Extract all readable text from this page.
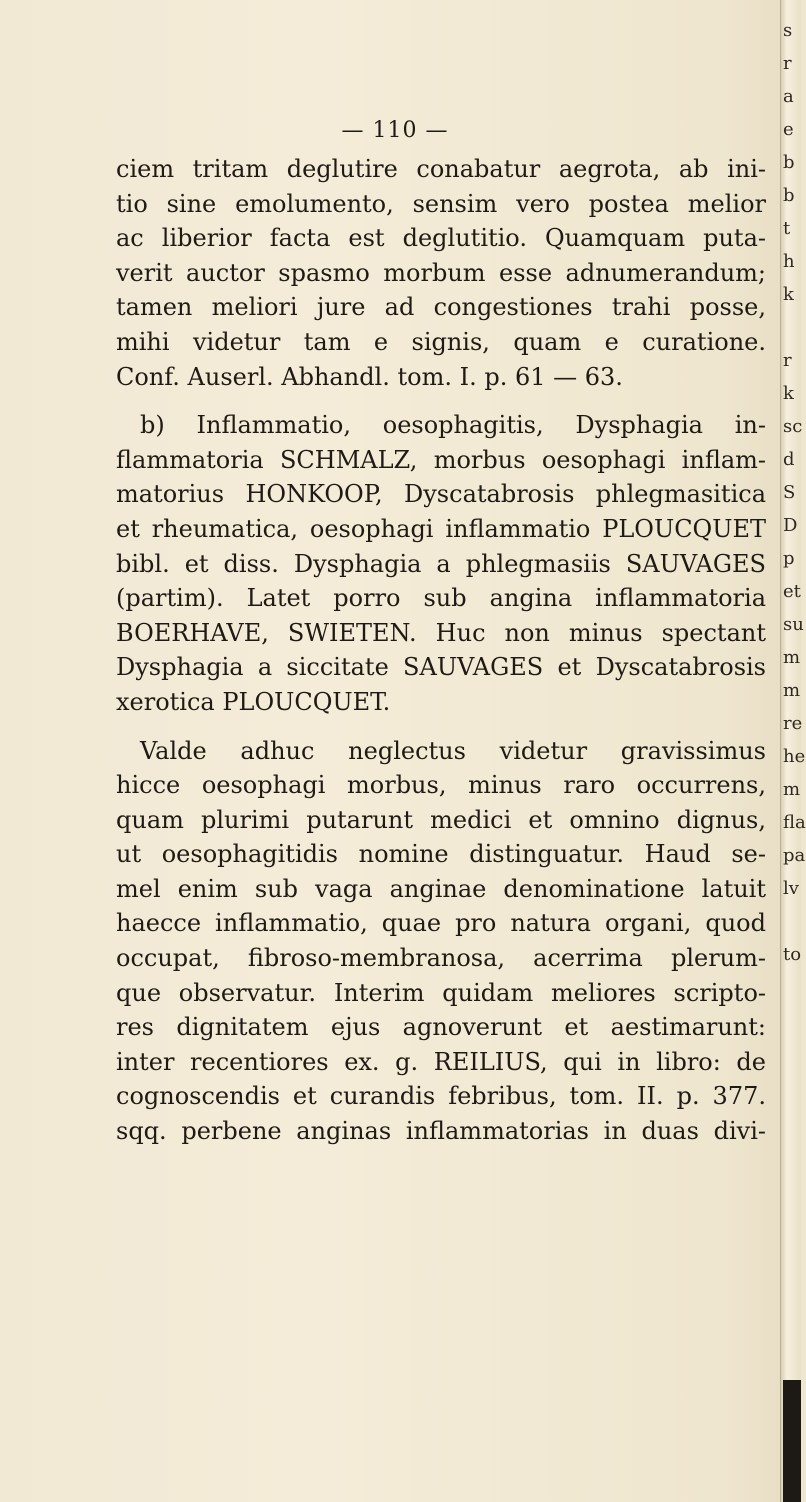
— 110 —
ciem tritam deglutire conabatur aegrota, ab ini-
tio sine emolumento, sensim vero postea melior
ac liberior facta est deglutitio. Quamquam puta-
verit auctor spasmo morbum esse adnumerandum;
tamen meliori jure ad congestiones trahi posse,
mihi videtur tam e signis, quam e curatione.
Conf. Auserl. Abhandl. tom. I. p. 61 — 63.
b) Inflammatio, oesophagitis, Dysphagia in-
flammatoria SCHMALZ, morbus oesophagi inflam-
matorius HONKOOP, Dyscatabrosis phlegmasitica
et rheumatica, oesophagi inflammatio PLOUCQUET
bibl. et diss. Dysphagia a phlegmasiis SAUVAGES
(partim). Latet porro sub angina inflammatoria
BOERHAVE, SWIETEN. Huc non minus spectant
Dysphagia a siccitate SAUVAGES et Dyscatabrosis
xerotica PLOUCQUET.
Valde adhuc neglectus videtur gravissimus
hicce oesophagi morbus, minus raro occurrens,
quam plurimi putarunt medici et omnino dignus,
ut oesophagitidis nomine distinguatur. Haud se-
mel enim sub vaga anginae denominatione latuit
haecce inflammatio, quae pro natura organi, quod
occupat, fibroso-membranosa, acerrima plerum-
que observatur. Interim quidam meliores scripto-
res dignitatem ejus agnoverunt et aestimarunt:
inter recentiores ex. g. REILIUS, qui in libro: de
cognoscendis et curandis febribus, tom. II. p. 377.
sqq. perbene anginas inflammatorias in duas divi-
s
r
a
e
b
b
t
h
k
r
k
sc
d
S
D
p
et
su
m
m
re
he
m
fla
pa
lv
to
